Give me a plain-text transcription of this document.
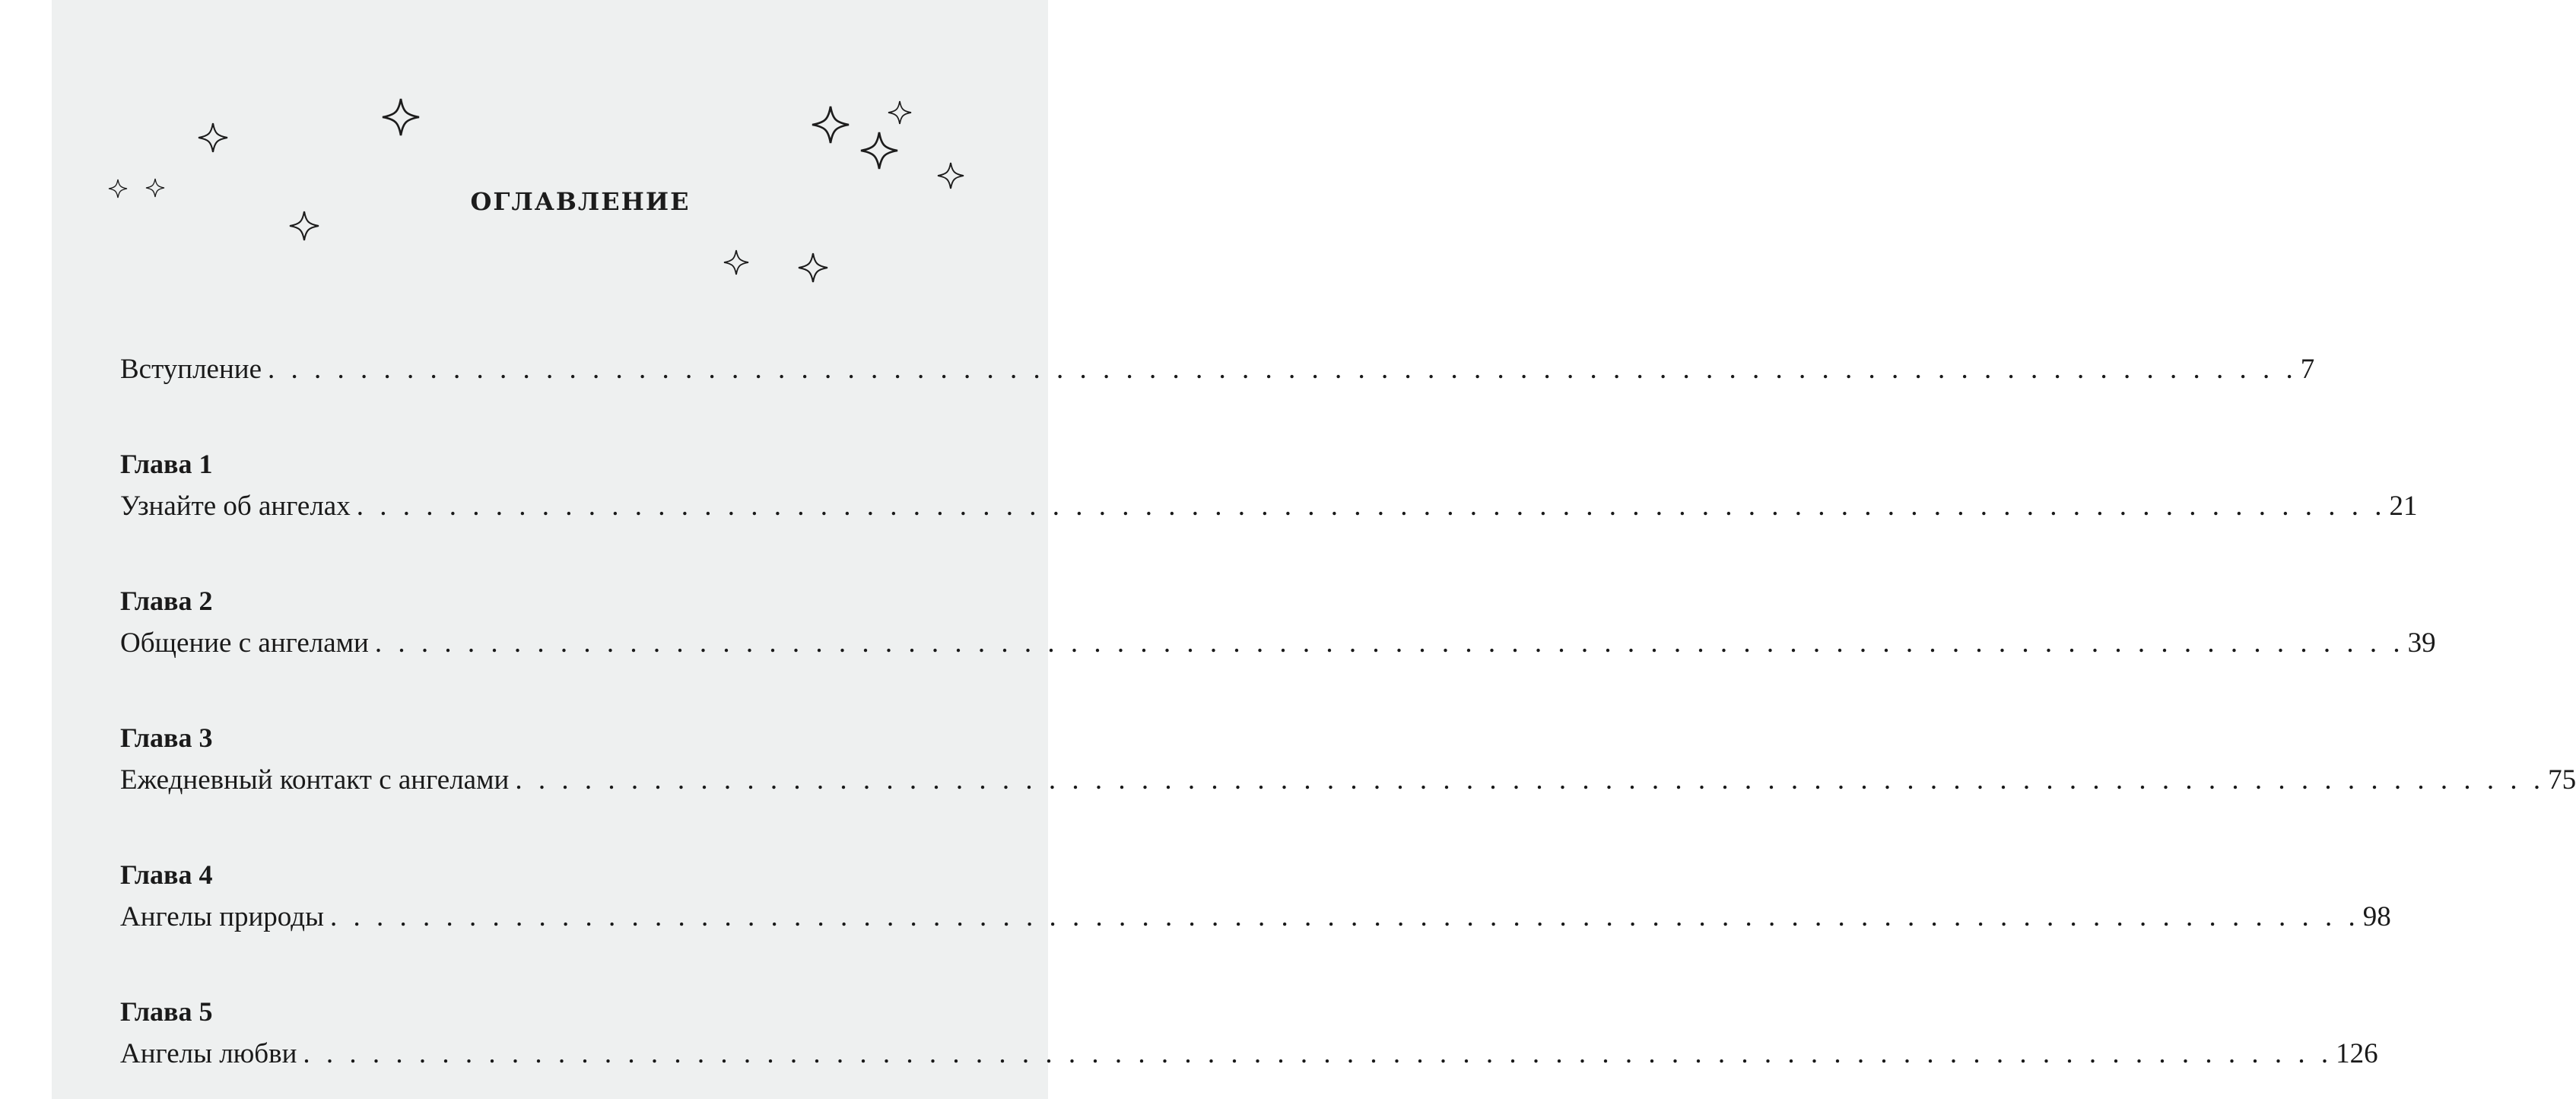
ОГЛАВЛЕНИЕ
Вступление . . . . . . . . . . . . . . . . . . . . . . . . . . . . . . . . . . . . . . . . . . . . . . . . . . . . . . . . . . . . . . . . . . . . . . . . . . . . . . . . . . . . . . . . 7
Глава 1
Узнайте об ангелах . . . . . . . . . . . . . . . . . . . . . . . . . . . . . . . . . . . . . . . . . . . . . . . . . . . . . . . . . . . . . . . . . . . . . . . . . . . . . . . . . . . . . . . . 21
Глава 2
Общение с ангелами . . . . . . . . . . . . . . . . . . . . . . . . . . . . . . . . . . . . . . . . . . . . . . . . . . . . . . . . . . . . . . . . . . . . . . . . . . . . . . . . . . . . . . . . 39
Глава 3
Ежедневный контакт с ангелами . . . . . . . . . . . . . . . . . . . . . . . . . . . . . . . . . . . . . . . . . . . . . . . . . . . . . . . . . . . . . . . . . . . . . . . . . . . . . . . . . . . . . . . . 75
Глава 4
Ангелы природы . . . . . . . . . . . . . . . . . . . . . . . . . . . . . . . . . . . . . . . . . . . . . . . . . . . . . . . . . . . . . . . . . . . . . . . . . . . . . . . . . . . . . . . . 98
Глава 5
Ангелы любви . . . . . . . . . . . . . . . . . . . . . . . . . . . . . . . . . . . . . . . . . . . . . . . . . . . . . . . . . . . . . . . . . . . . . . . . . . . . . . . . . . . . . . . . 126
